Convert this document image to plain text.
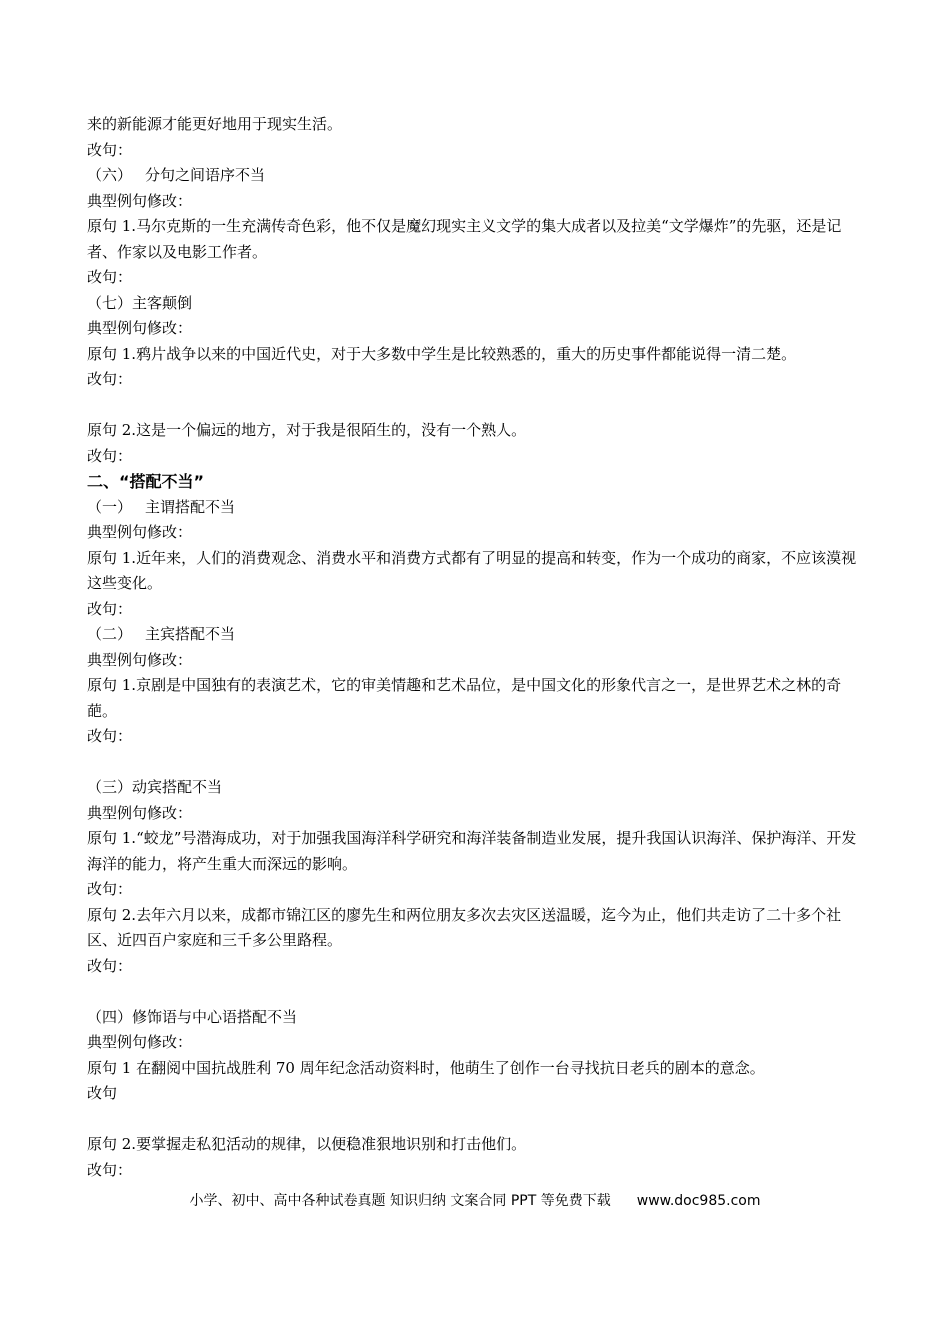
来的新能源才能更好地用于现实生活。
改句：
（六） 分句之间语序不当
典型例句修改：
原句 1.马尔克斯的一生充满传奇色彩，他不仅是魔幻现实主义文学的集大成者以及拉美“文学爆炸”的先驱，还是记者、作家以及电影工作者。
改句：
（七）主客颠倒
典型例句修改：
原句 1.鸦片战争以来的中国近代史，对于大多数中学生是比较熟悉的，重大的历史事件都能说得一清二楚。
改句：
原句 2.这是一个偏远的地方，对于我是很陌生的，没有一个熟人。
改句：
二、“搭配不当”
（一） 主谓搭配不当
典型例句修改：
原句 1.近年来，人们的消费观念、消费水平和消费方式都有了明显的提高和转变，作为一个成功的商家，不应该漠视这些变化。
改句：
（二） 主宾搭配不当
典型例句修改：
原句 1.京剧是中国独有的表演艺术，它的审美情趣和艺术品位，是中国文化的形象代言之一，是世界艺术之林的奇葩。
改句：
（三）动宾搭配不当
典型例句修改：
原句 1.“蛟龙”号潜海成功，对于加强我国海洋科学研究和海洋装备制造业发展，提升我国认识海洋、保护海洋、开发海洋的能力，将产生重大而深远的影响。
改句：
原句 2.去年六月以来，成都市锦江区的廖先生和两位朋友多次去灾区送温暖，迄今为止，他们共走访了二十多个社区、近四百户家庭和三千多公里路程。
改句：
（四）修饰语与中心语搭配不当
典型例句修改：
原句 1 在翻阅中国抗战胜利 70 周年纪念活动资料时，他萌生了创作一台寻找抗日老兵的剧本的意念。
改句
原句 2.要掌握走私犯活动的规律，以便稳准狠地识别和打击他们。
改句：
小学、初中、高中各种试卷真题 知识归纳 文案合同 PPT 等免费下载 www.doc985.com
